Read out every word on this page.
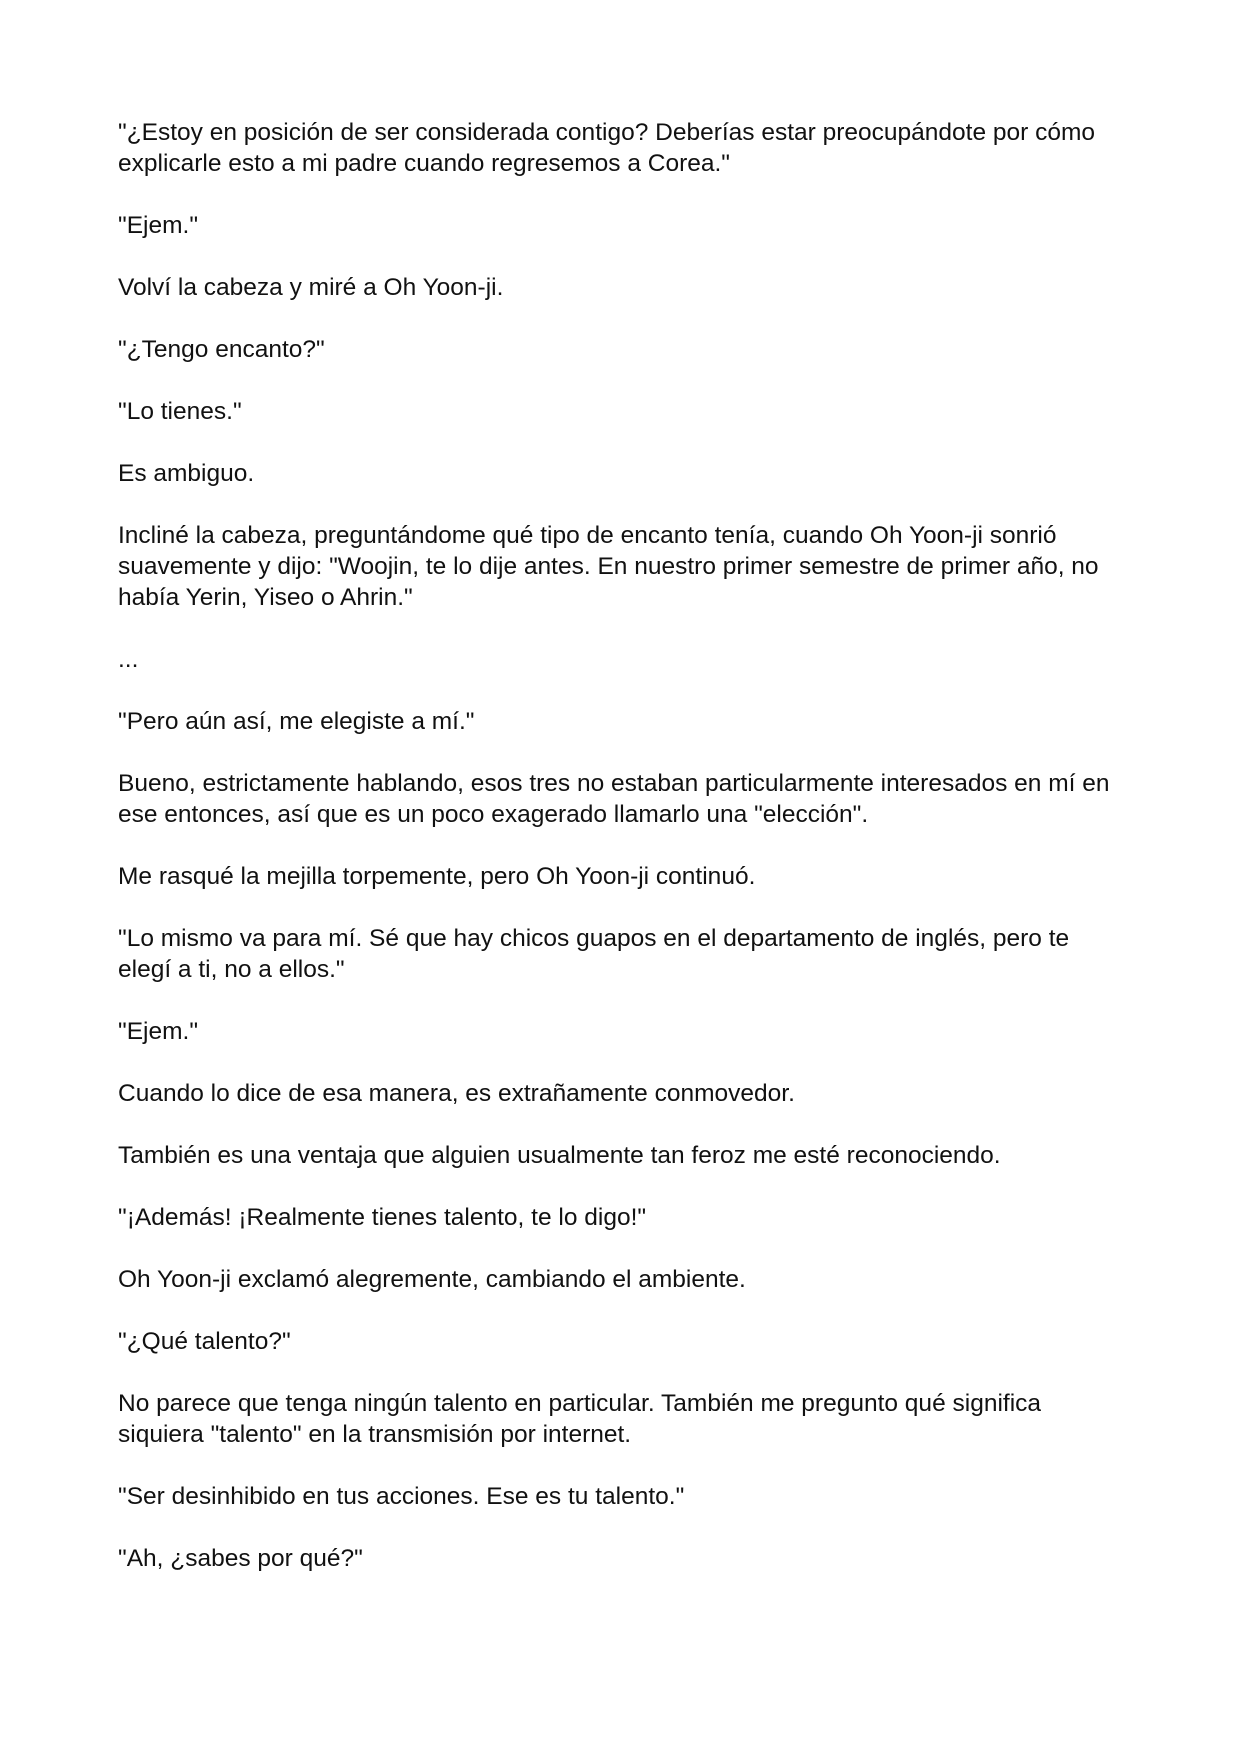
"¿Estoy en posición de ser considerada contigo? Deberías estar preocupándote por cómo explicarle esto a mi padre cuando regresemos a Corea."

"Ejem."

Volví la cabeza y miré a Oh Yoon-ji.

"¿Tengo encanto?"

"Lo tienes."

Es ambiguo.

Incliné la cabeza, preguntándome qué tipo de encanto tenía, cuando Oh Yoon-ji sonrió suavemente y dijo: "Woojin, te lo dije antes. En nuestro primer semestre de primer año, no había Yerin, Yiseo o Ahrin."

...

"Pero aún así, me elegiste a mí."

Bueno, estrictamente hablando, esos tres no estaban particularmente interesados en mí en ese entonces, así que es un poco exagerado llamarlo una "elección".

Me rasqué la mejilla torpemente, pero Oh Yoon-ji continuó.

"Lo mismo va para mí. Sé que hay chicos guapos en el departamento de inglés, pero te elegí a ti, no a ellos."

"Ejem."

Cuando lo dice de esa manera, es extrañamente conmovedor.

También es una ventaja que alguien usualmente tan feroz me esté reconociendo.

"¡Además! ¡Realmente tienes talento, te lo digo!"

Oh Yoon-ji exclamó alegremente, cambiando el ambiente.

"¿Qué talento?"

No parece que tenga ningún talento en particular. También me pregunto qué significa siquiera "talento" en la transmisión por internet.

"Ser desinhibido en tus acciones. Ese es tu talento."

"Ah, ¿sabes por qué?"
